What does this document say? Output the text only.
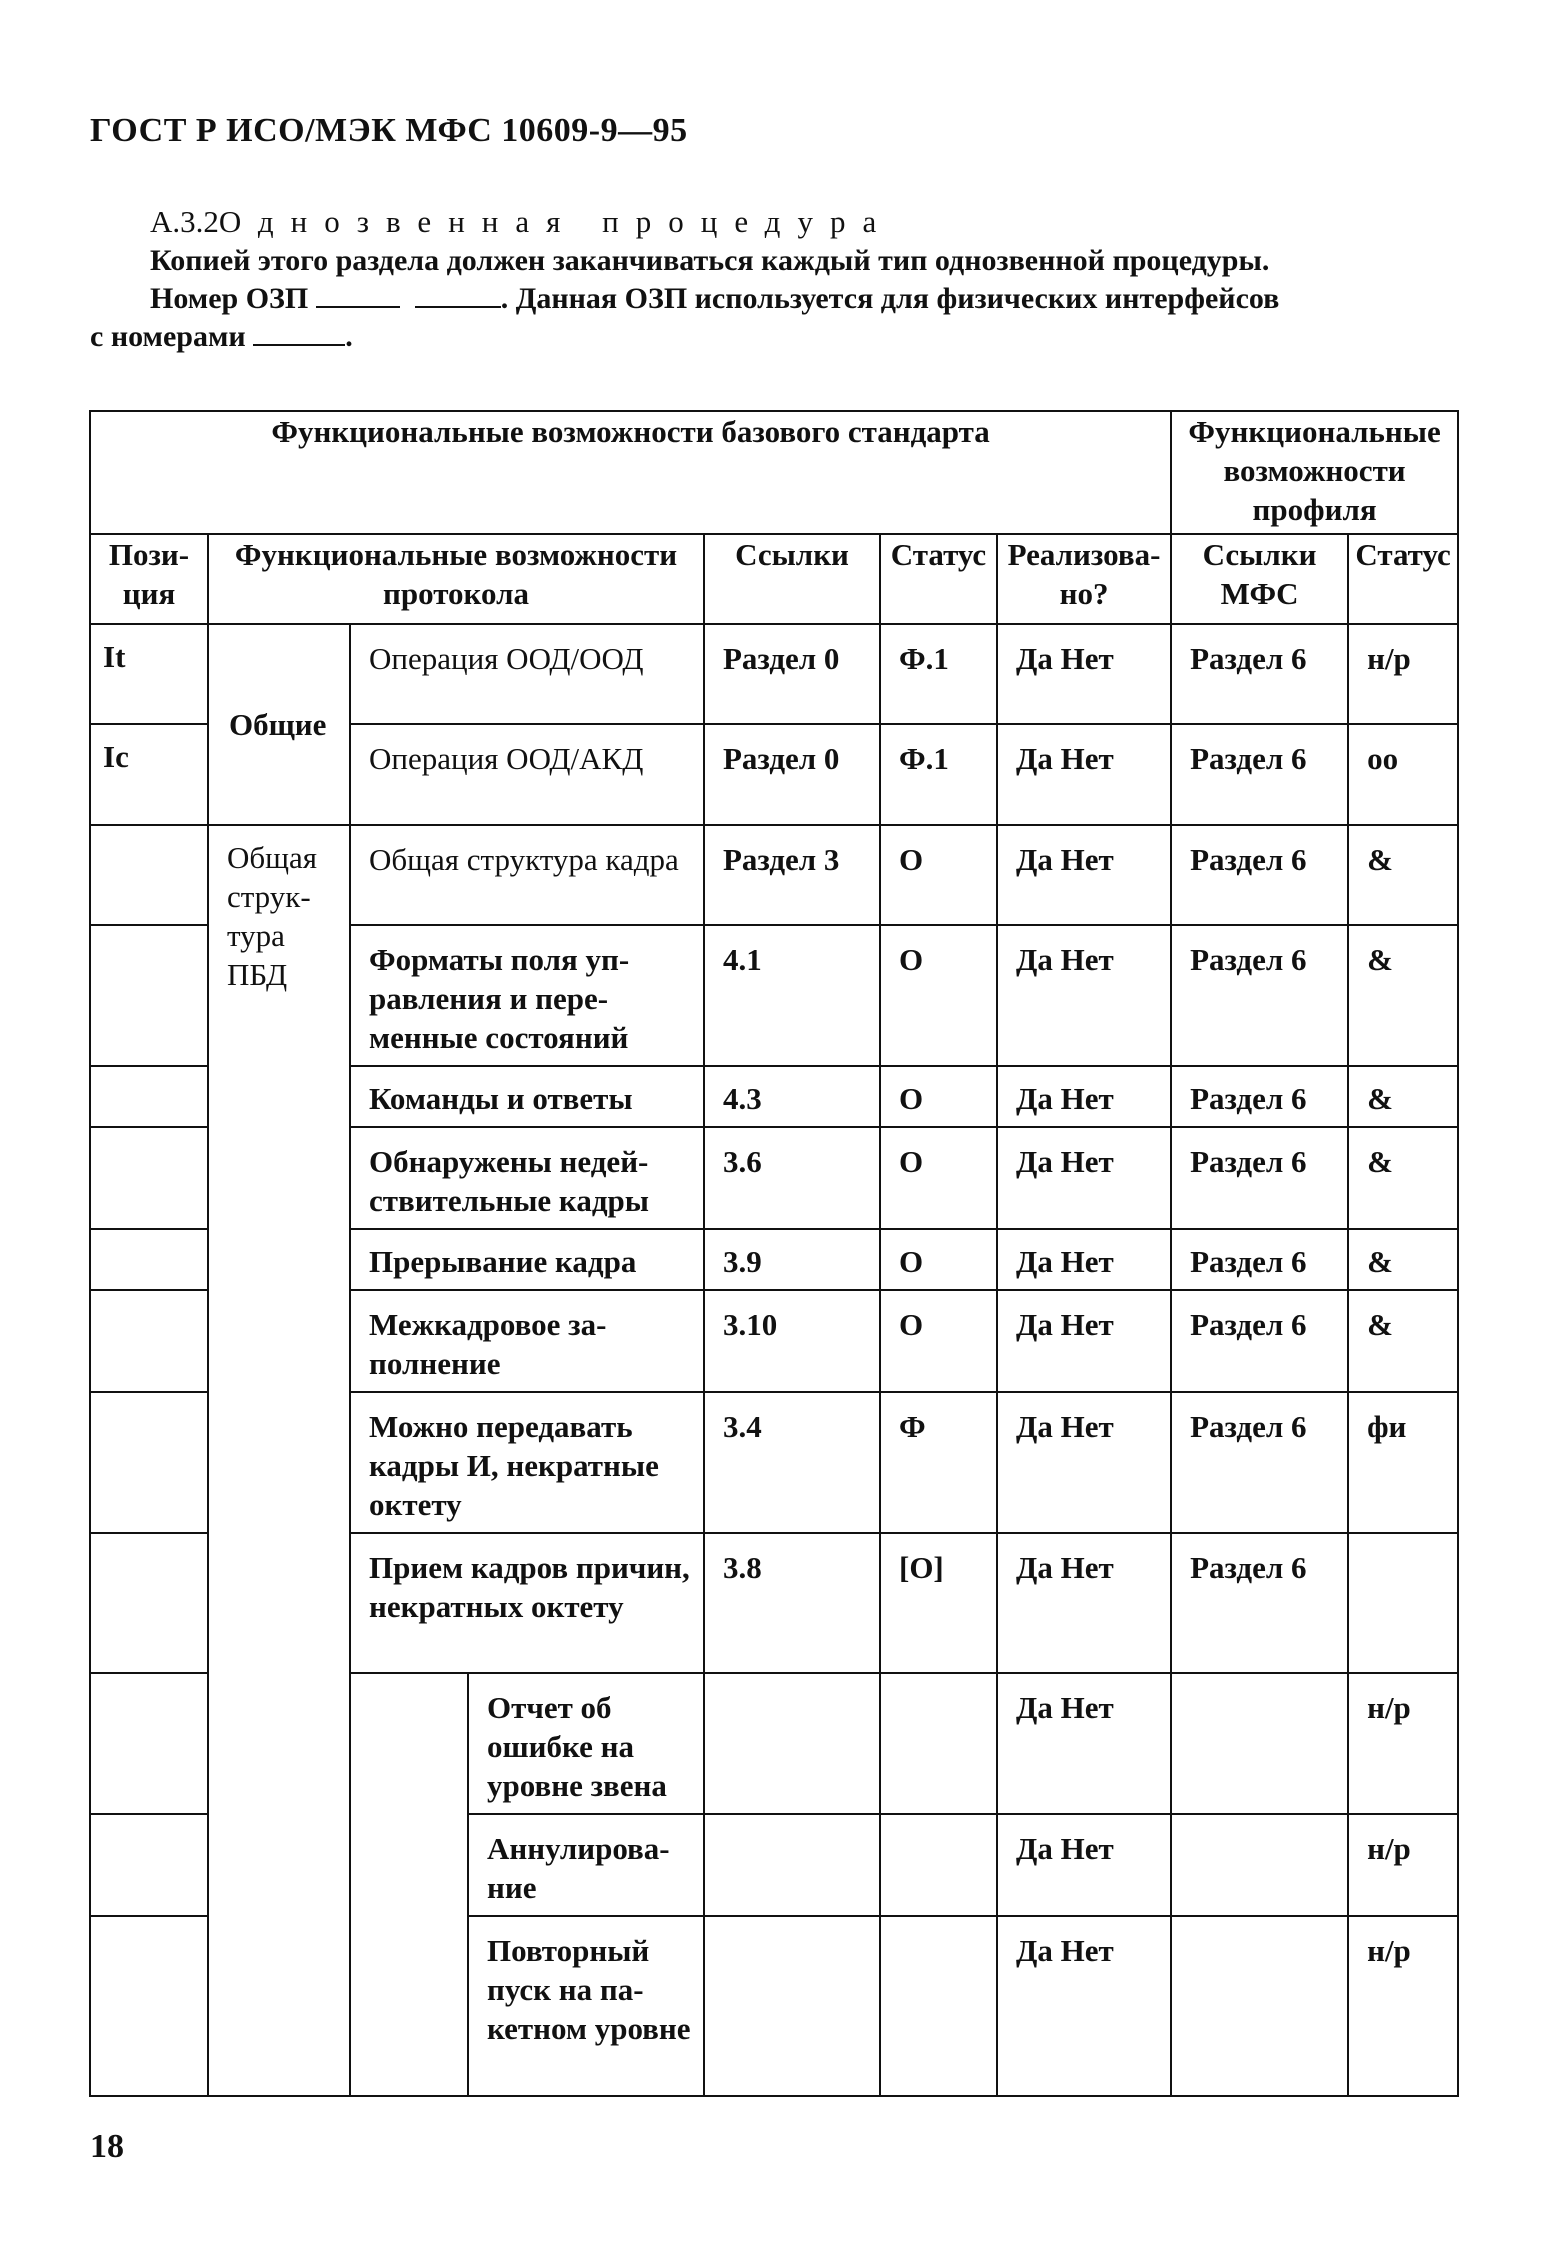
ГОСТ Р ИСО/МЭК МФС 10609-9—95
А.3.2Однозвенная процедура
Копией этого раздела должен заканчиваться каждый тип однозвенной процедуры.
Номер ОЗП	. Данная ОЗП используется для физических интерфейсов
с номерами	.
Функциональные возможности базового стандарта							Функциональные возможности профиля	
Пози-ция	Функциональные возможности протокола			Ссылки	Статус	Реализова-но?	Ссылки МФС	Статус
It	Общие	Операция ООД/ООД		Раздел 0	Ф.1	Да Нет	Раздел 6	н/р
Ic		Операция ООД/АКД		Раздел 0	Ф.1	Да Нет	Раздел 6	оо
	Общая струк-тура ПБД	Общая структура кадра		Раздел 3	О	Да Нет	Раздел 6	&
		Форматы поля уп-равления и пере-менные состояний		4.1	О	Да Нет	Раздел 6	&
		Команды и ответы		4.3	О	Да Нет	Раздел 6	&
		Обнаружены недей-ствительные кадры		3.6	О	Да Нет	Раздел 6	&
		Прерывание кадра		3.9	О	Да Нет	Раздел 6	&
		Межкадровое за-полнение		3.10	О	Да Нет	Раздел 6	&
		Можно передавать кадры И, некратные октету		3.4	Ф	Да Нет	Раздел 6	фи
		Прием кадров причин, некратных октету		3.8	[О]	Да Нет	Раздел 6	
			Отчет об ошибке на уровне звена			Да Нет		н/р
			Аннулирова-ние			Да Нет		н/р
			Повторный пуск на па-кетном уровне			Да Нет		н/р
18
